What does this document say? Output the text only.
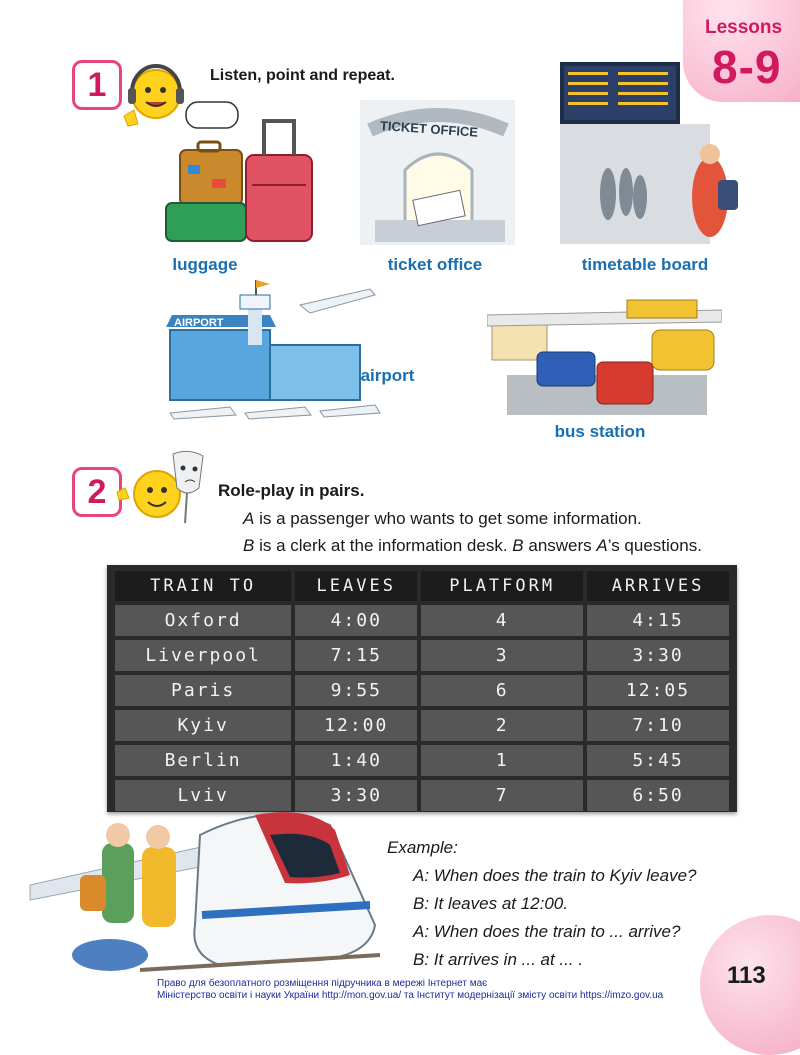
Lessons
8-9
1	Listen, point and repeat.
TICKET OFFICE
luggage	ticket office	timetable board
AIRPORT
airport
bus station
2	Role-play in pairs.
A is a passenger who wants to get some information.
B is a clerk at the information desk. B answers A’s questions.
TRAIN TO	LEAVES	PLATFORM	ARRIVES
Oxford	4:00	4	4:15
Liverpool	7:15	3	3:30
Paris	9:55	6	12:05
Kyiv	12:00	2	7:10
Berlin	1:40	1	5:45
Lviv	3:30	7	6:50
Example:
A: When does the train to Kyiv leave?
B: It leaves at 12:00.
A: When does the train to ... arrive?
B: It arrives in ... at ... .
113
Право для безоплатного розміщення підручника в мережі Інтернет має
Міністерство освіти і науки України http://mon.gov.ua/ та Інститут модернізації змісту освіти https://imzo.gov.ua
